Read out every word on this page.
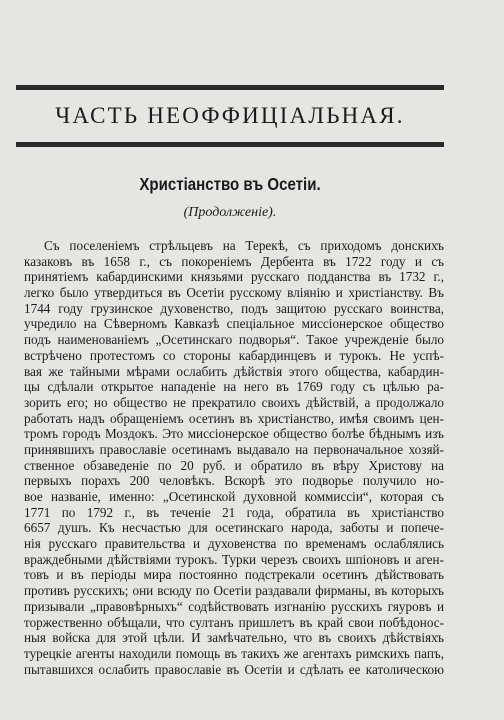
ЧАСТЬ НЕОФФИЦІАЛЬНАЯ.
Христіанство въ Осетіи.
(Продолженіе).
Съ поселеніемъ стрѣльцевъ на Терекѣ, съ приходомъ донскихъ
казаковъ въ 1658 г., съ покореніемъ Дербента въ 1722 году и съ
принятіемъ кабардинскими князьями русскаго подданства въ 1732 г.,
легко было утвердиться въ Осетіи русскому вліянію и христіанству. Въ
1744 году грузинское духовенство, подъ защитою русскаго воинства,
учредило на Сѣверномъ Кавказѣ спеціальное миссіонерское общество
подъ наименованіемъ „Осетинскаго подворья“. Такое учрежденіе было
встрѣчено протестомъ со стороны кабардинцевъ и турокъ. Не успѣ-
вая же тайными мѣрами ослабить дѣйствія этого общества, кабардин-
цы сдѣлали открытое нападеніе на него въ 1769 году съ цѣлью ра-
зорить его; но общество не прекратило своихъ дѣйствій, а продолжало
работать надъ обращеніемъ осетинъ въ христіанство, имѣя своимъ цен-
тромъ городъ Моздокъ. Это миссіонерское общество болѣе бѣднымъ изъ
принявшихъ православіе осетинамъ выдавало на первоначальное хозяй-
ственное обзаведеніе по 20 руб. и обратило въ вѣру Христову на
первыхъ порахъ 200 человѣкъ. Вскорѣ это подворье получило но-
вое названіе, именно: „Осетинской духовной коммиссіи“, которая съ
1771 по 1792 г., въ теченіе 21 года, обратила въ христіанство
6657 душъ. Къ несчастью для осетинскаго народа, заботы и попече-
нія русскаго правительства и духовенства по временамъ ослаблялись
враждебными дѣйствіями турокъ. Турки черезъ своихъ шпіоновъ и аген-
товъ и въ періоды мира постоянно подстрекали осетинъ дѣйствовать
противъ русскихъ; они всюду по Осетіи раздавали фирманы, въ которыхъ
призывали „правовѣрныхъ“ содѣйствовать изгнанію русскихъ гяуровъ и
торжественно обѣщали, что султанъ пришлетъ въ край свои побѣдонос-
ныя войска для этой цѣли. И замѣчательно, что въ своихъ дѣйствіяхъ
турецкіе агенты находили помощь въ такихъ же агентахъ римскихъ папъ,
пытавшихся ослабить православіе въ Осетіи и сдѣлать ее католическою
